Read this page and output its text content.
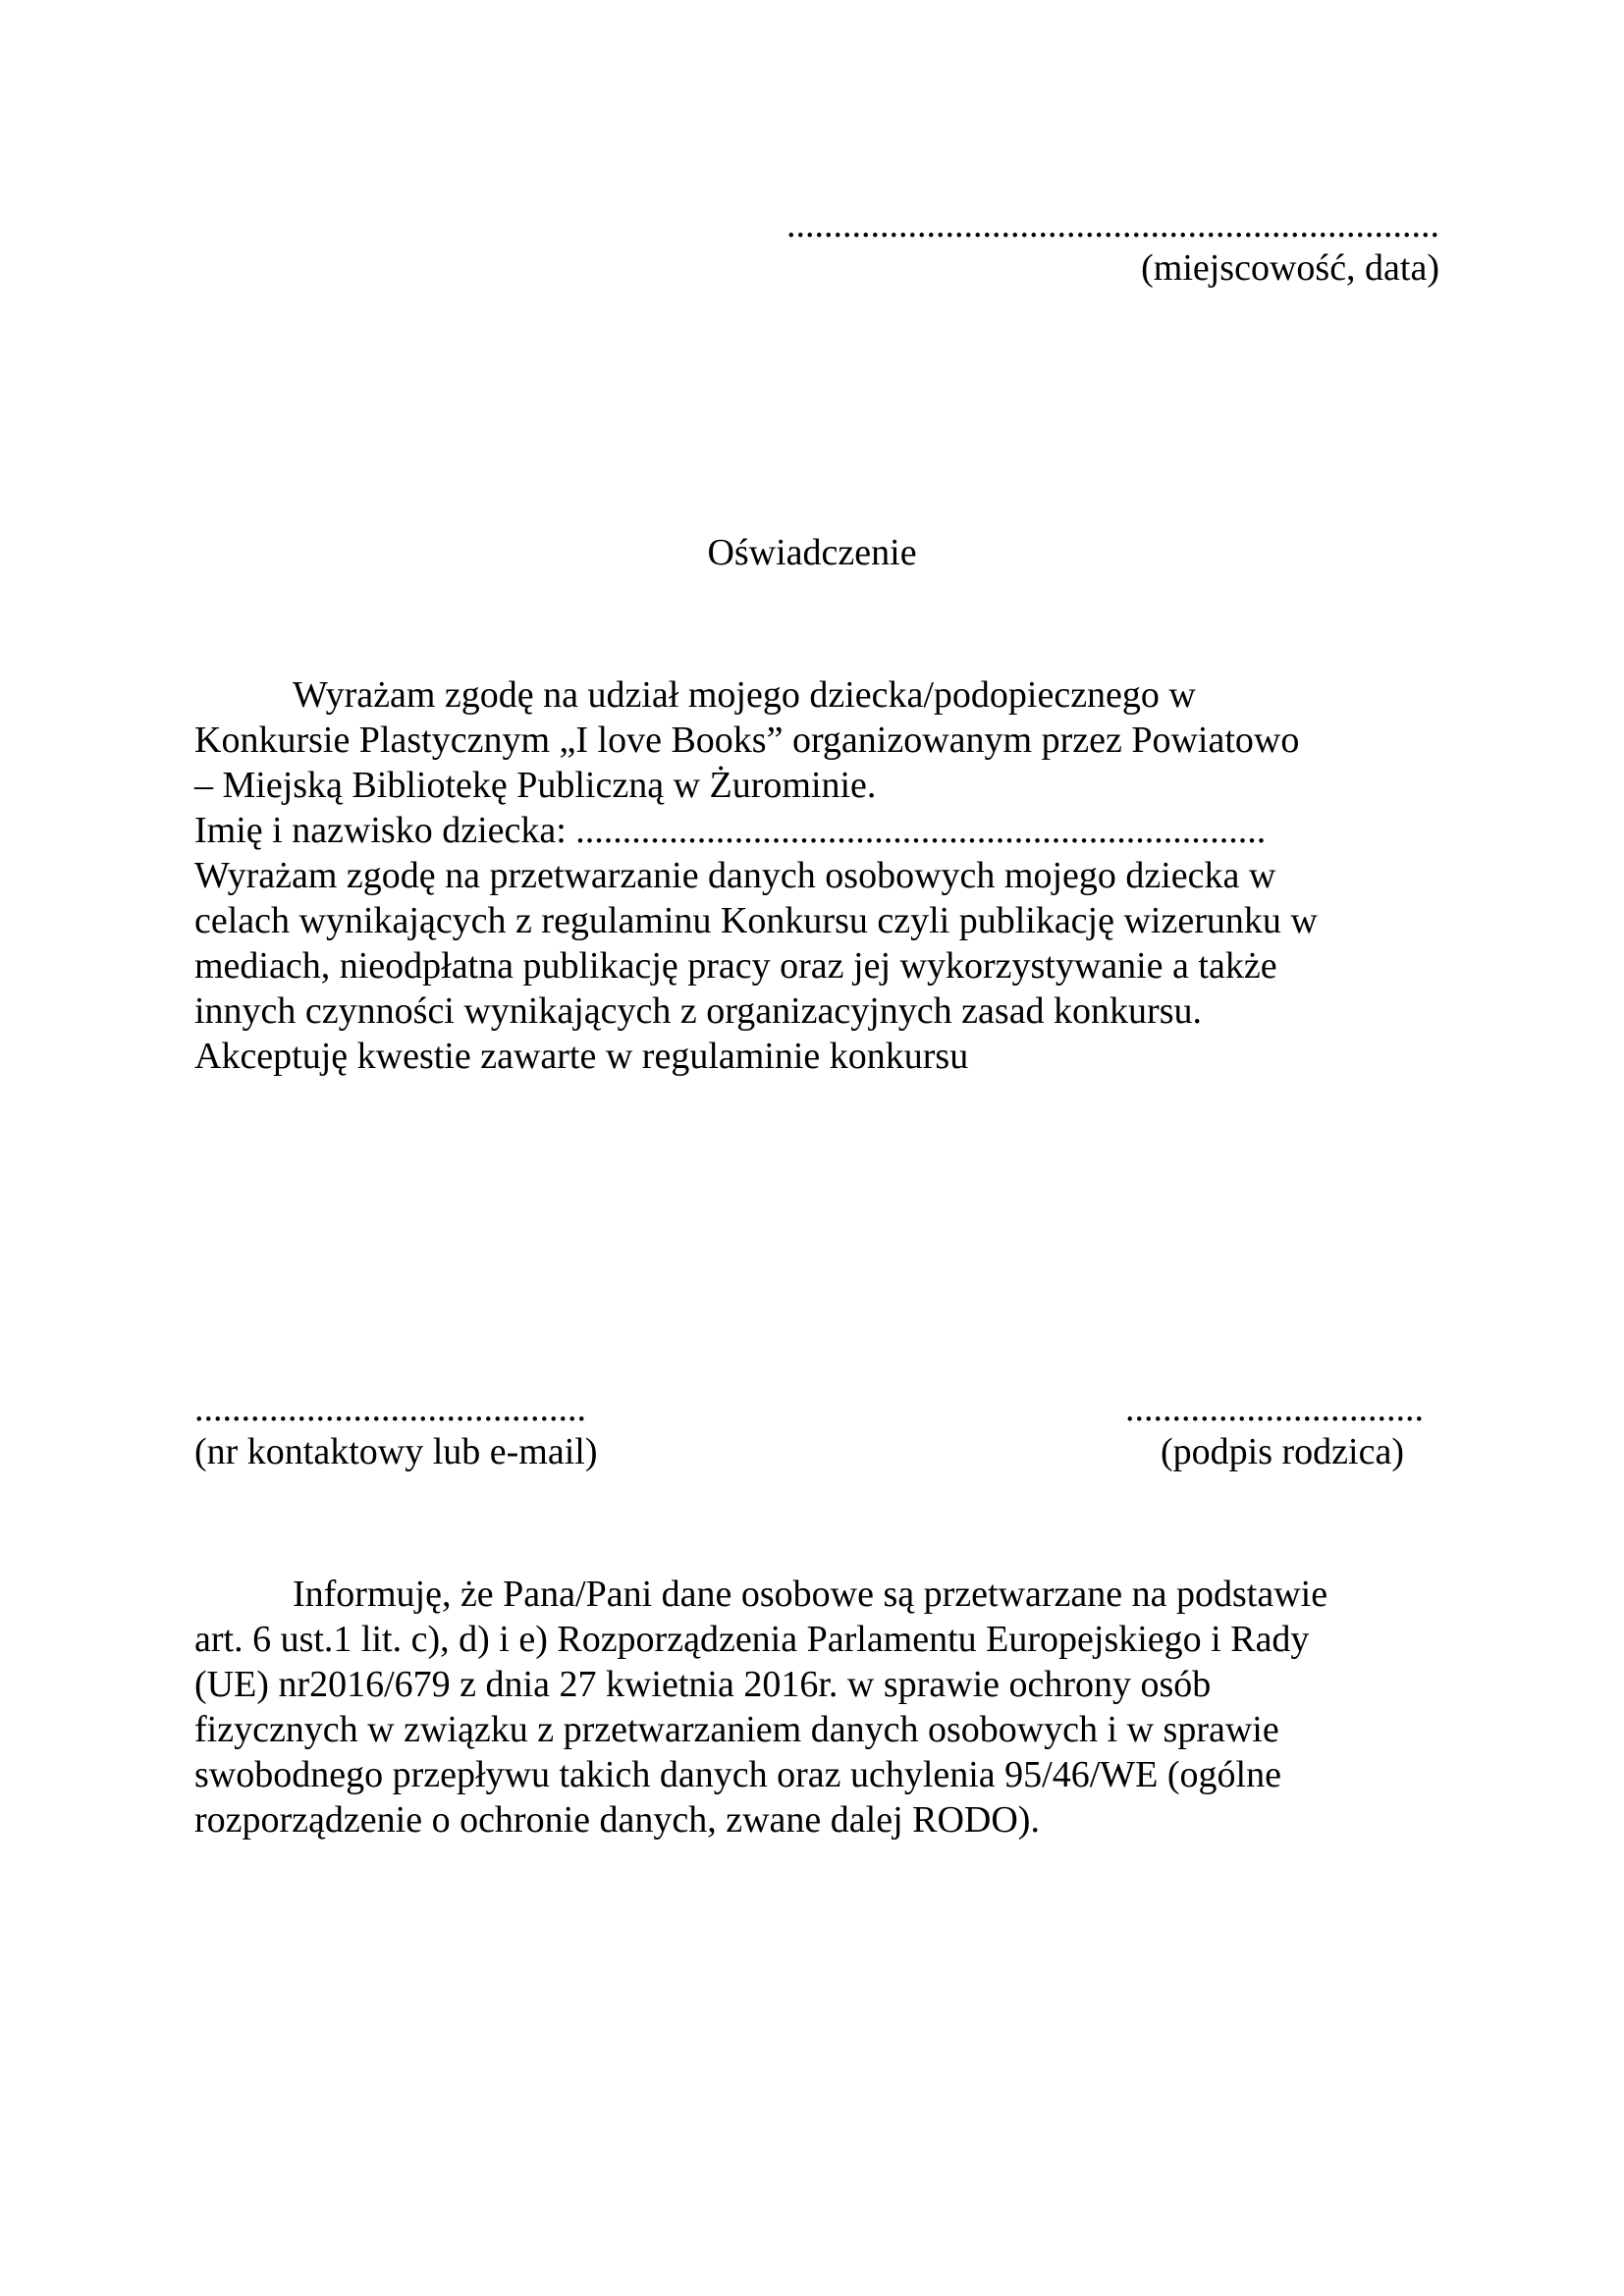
......................................................................
(miejscowość, data)
Oświadczenie
Wyrażam zgodę na udział mojego dziecka/podopiecznego w
Konkursie Plastycznym „I love Books” organizowanym przez Powiatowo
– Miejską Bibliotekę Publiczną w Żurominie.
Imię i nazwisko dziecka: ..........................................................................
Wyrażam zgodę na przetwarzanie danych osobowych mojego dziecka w
celach wynikających z regulaminu Konkursu czyli publikację wizerunku w
mediach, nieodpłatna publikację pracy oraz jej wykorzystywanie a także
innych czynności wynikających z organizacyjnych zasad konkursu.
Akceptuję kwestie zawarte w regulaminie konkursu
..........................................
(nr kontaktowy lub e-mail)
................................
(podpis rodzica)
Informuję, że Pana/Pani dane osobowe są przetwarzane na podstawie
art. 6 ust.1 lit. c), d) i e) Rozporządzenia Parlamentu Europejskiego i Rady
(UE) nr2016/679 z dnia 27 kwietnia 2016r. w sprawie ochrony osób
fizycznych w związku z przetwarzaniem danych osobowych i w sprawie
swobodnego przepływu takich danych oraz uchylenia 95/46/WE (ogólne
rozporządzenie o ochronie danych, zwane dalej RODO).
